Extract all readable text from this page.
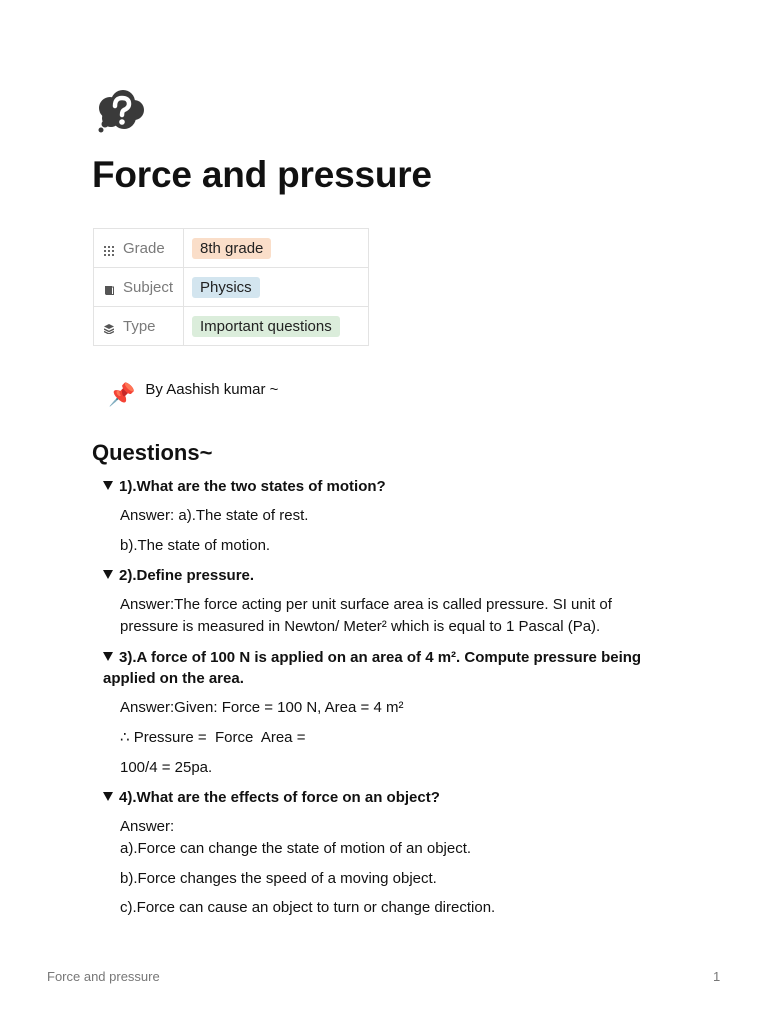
Force and pressure
Grade	8th grade

Subject	Physics

Type	Important questions
📌 By Aashish kumar ~
Questions~

1).What are the two states of motion?

Answer: a).The state of rest.

b).The state of motion.

2).Define pressure.

Answer:The force acting per unit surface area is called pressure. SI unit of pressure is measured in Newton/ Meter² which is equal to 1 Pascal (Pa).

3).A force of 100 N is applied on an area of 4 m². Compute pressure being applied on the area.

Answer:Given: Force = 100 N, Area = 4 m²

∴ Pressure =  Force  Area =

100/4 = 25pa.

4).What are the effects of force on an object?

Answer:

a).Force can change the state of motion of an object.

b).Force changes the speed of a moving object.

c).Force can cause an object to turn or change direction.

Force and pressure	1
